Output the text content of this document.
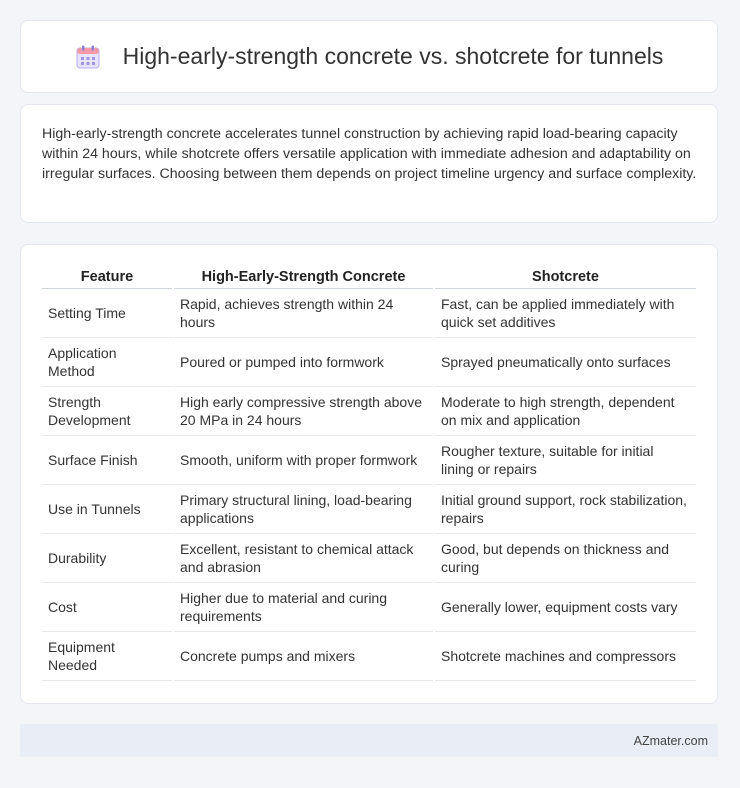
High-early-strength concrete vs. shotcrete for tunnels

High-early-strength concrete accelerates tunnel construction by achieving rapid load-bearing capacity within 24 hours, while shotcrete offers versatile application with immediate adhesion and adaptability on irregular surfaces. Choosing between them depends on project timeline urgency and surface complexity.

Feature	High-Early-Strength Concrete	Shotcrete
Setting Time	Rapid, achieves strength within 24 hours	Fast, can be applied immediately with quick set additives
Application Method	Poured or pumped into formwork	Sprayed pneumatically onto surfaces
Strength Development	High early compressive strength above 20 MPa in 24 hours	Moderate to high strength, dependent on mix and application
Surface Finish	Smooth, uniform with proper formwork	Rougher texture, suitable for initial lining or repairs
Use in Tunnels	Primary structural lining, load-bearing applications	Initial ground support, rock stabilization, repairs
Durability	Excellent, resistant to chemical attack and abrasion	Good, but depends on thickness and curing
Cost	Higher due to material and curing requirements	Generally lower, equipment costs vary
Equipment Needed	Concrete pumps and mixers	Shotcrete machines and compressors
AZmater.com
